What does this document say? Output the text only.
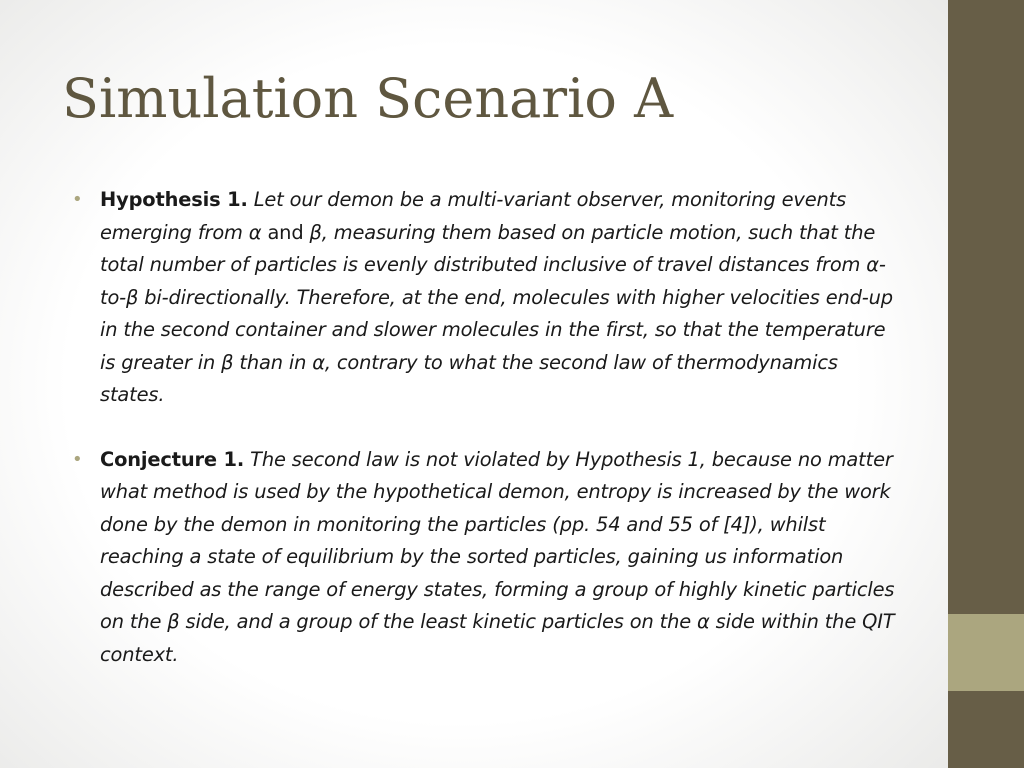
Simulation Scenario A
• Hypothesis 1. Let our demon be a multi-variant observer, monitoring events emerging from α and β, measuring them based on particle motion, such that the total number of particles is evenly distributed inclusive of travel distances from α-to-β bi-directionally. Therefore, at the end, molecules with higher velocities end-up in the second container and slower molecules in the first, so that the temperature is greater in β than in α, contrary to what the second law of thermodynamics states.
• Conjecture 1. The second law is not violated by Hypothesis 1, because no matter what method is used by the hypothetical demon, entropy is increased by the work done by the demon in monitoring the particles (pp. 54 and 55 of [4]), whilst reaching a state of equilibrium by the sorted particles, gaining us information described as the range of energy states, forming a group of highly kinetic particles on the β side, and a group of the least kinetic particles on the α side within the QIT context.
